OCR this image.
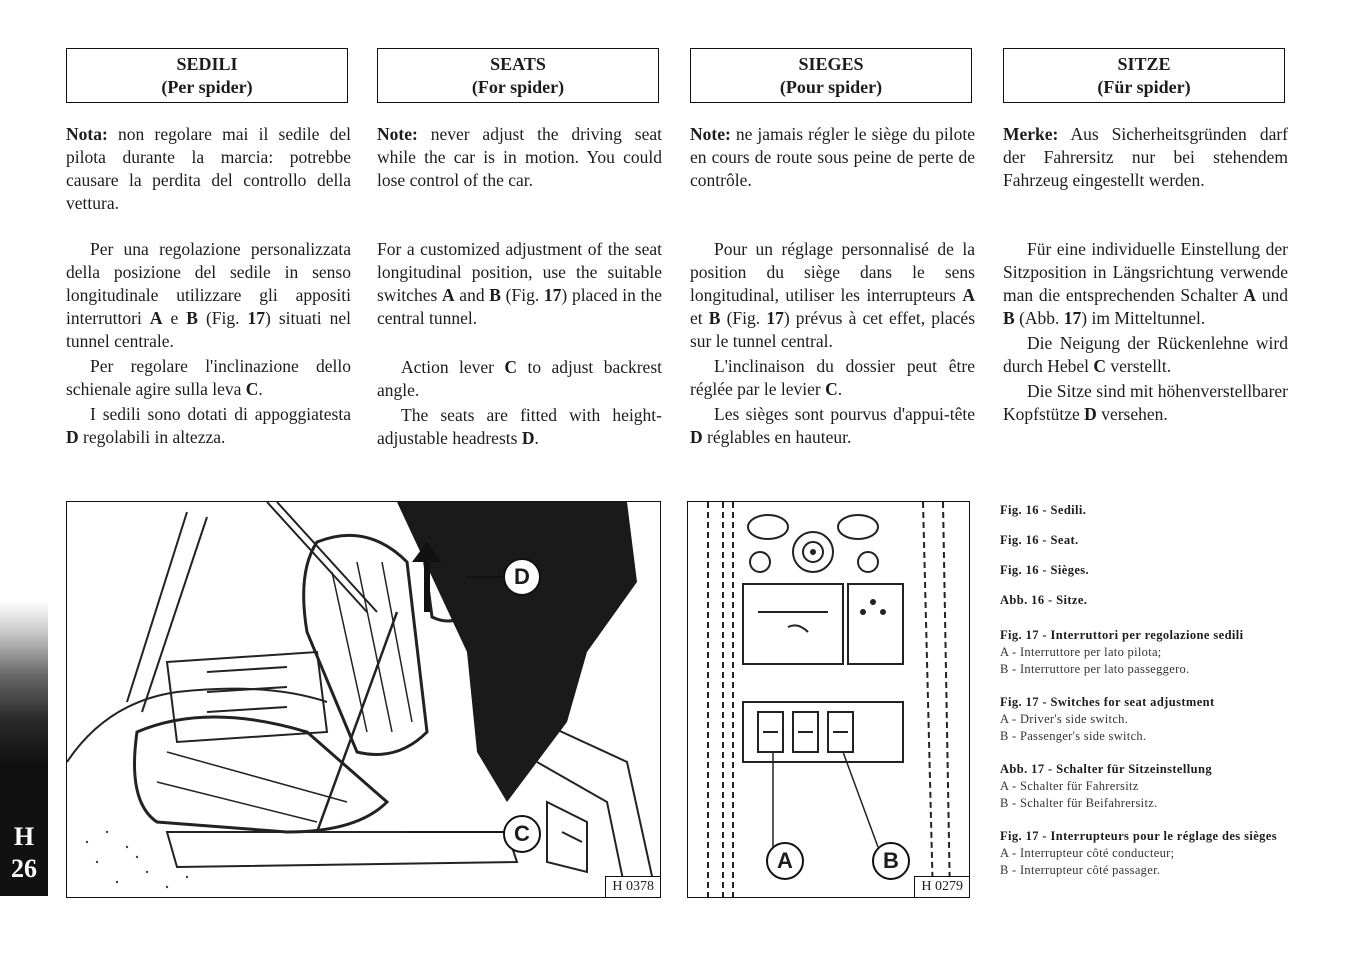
SEDILI
(Per spider)
SEATS
(For spider)
SIEGES
(Pour spider)
SITZE
(Für spider)

Nota: non regolare mai il sedile del pilota durante la marcia: potrebbe causare la perdita del controllo della vettura.

Per una regolazione personalizzata della posizione del sedile in senso longitudinale utilizzare gli appositi interruttori A e B (Fig. 17) situati nel tunnel centrale.

Per regolare l'inclinazione dello schienale agire sulla leva C.

I sedili sono dotati di appoggiatesta D regolabili in altezza.

Note: never adjust the driving seat while the car is in motion. You could lose control of the car.

For a customized adjustment of the seat longitudinal position, use the suitable switches A and B (Fig. 17) placed in the central tunnel.

Action lever C to adjust backrest angle.

The seats are fitted with height-adjustable headrests D.

Note: ne jamais régler le siège du pilote en cours de route sous peine de perte de contrôle.

Pour un réglage personnalisé de la position du siège dans le sens longitudinal, utiliser les interrupteurs A et B (Fig. 17) prévus à cet effet, placés sur le tunnel central.

L'inclinaison du dossier peut être réglée par le levier C.

Les sièges sont pourvus d'appui-tête D réglables en hauteur.

Merke: Aus Sicherheitsgründen darf der Fahrersitz nur bei stehendem Fahrzeug eingestellt werden.

Für eine individuelle Einstellung der Sitzposition in Längsrichtung verwende man die entsprechenden Schalter A und B (Abb. 17) im Mitteltunnel.

Die Neigung der Rückenlehne wird durch Hebel C verstellt.

Die Sitze sind mit höhenverstellbarer Kopfstütze D versehen.

D
C
H 0378
A	B
H 0279
Fig. 16 - Sedili.
Fig. 16 - Seat.
Fig. 16 - Sièges.
Abb. 16 - Sitze.
Fig. 17 - Interruttori per regolazione sedili
A - Interruttore per lato pilota;
B - Interruttore per lato passeggero.
Fig. 17 - Switches for seat adjustment
A - Driver's side switch.
B - Passenger's side switch.
Abb. 17 - Schalter für Sitzeinstellung
A - Schalter für Fahrersitz
B - Schalter für Beifahrersitz.
Fig. 17 - Interrupteurs pour le réglage des sièges
A - Interrupteur côté conducteur;
B - Interrupteur côté passager.
H
26
